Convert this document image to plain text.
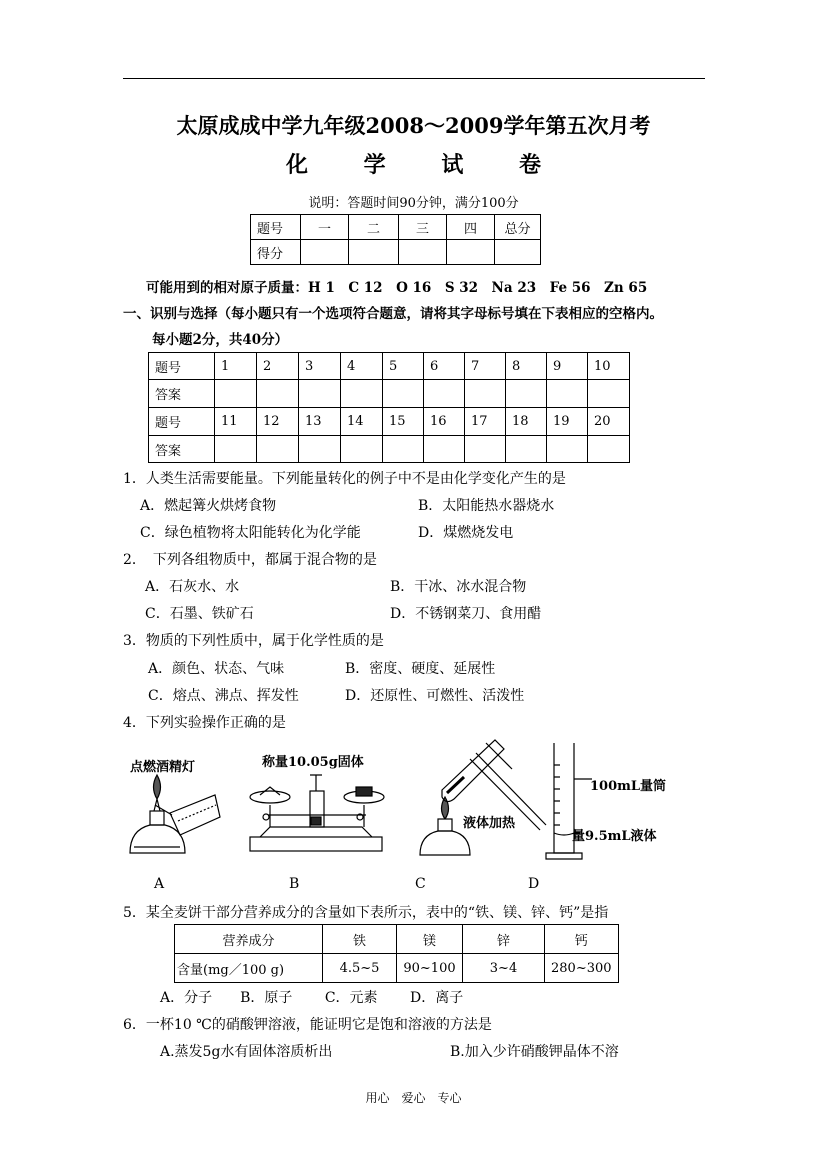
太原成成中学九年级2008～2009学年第五次月考
化 学 试 卷
说明：答题时间90分钟，满分100分
题号	一	二	三	四	总分
得分					
可能用到的相对原子质量：H 1　C 12　O 16　S 32　Na 23　Fe 56　Zn 65
一、识别与选择（每小题只有一个选项符合题意，请将其字母标号填在下表相应的空格内。
每小题2分，共40分）
题号	1	2	3	4	5	6	7	8	9	10
答案										
题号	11	12	13	14	15	16	17	18	19	20
答案										
1．人类生活需要能量。下列能量转化的例子中不是由化学变化产生的是
A．燃起篝火烘烤食物	B．太阳能热水器烧水
C．绿色植物将太阳能转化为化学能	D．煤燃烧发电
2．　下列各组物质中，都属于混合物的是
A．石灰水、水	B．干冰、冰水混合物
C．石墨、铁矿石	D．不锈钢菜刀、食用醋
3．物质的下列性质中，属于化学性质的是
A．颜色、状态、气味	B．密度、硬度、延展性
C．熔点、沸点、挥发性	D．还原性、可燃性、活泼性
4．下列实验操作正确的是
点燃酒精灯	称量10.05g固体
液体加热
100mL量筒
量9.5mL液体
A	B	C	D
5．某全麦饼干部分营养成分的含量如下表所示，表中的“铁、镁、锌、钙”是指
营养成分	铁	镁	锌	钙
含量(mg／100 g)	4.5~5	90~100	3~4	280~300
A．分子　　B．原子　　 C．元素　　 D．离子
6．一杯10 ℃的硝酸钾溶液，能证明它是饱和溶液的方法是
A.蒸发5g水有固体溶质析出	B.加入少许硝酸钾晶体不溶
用心　爱心　专心
